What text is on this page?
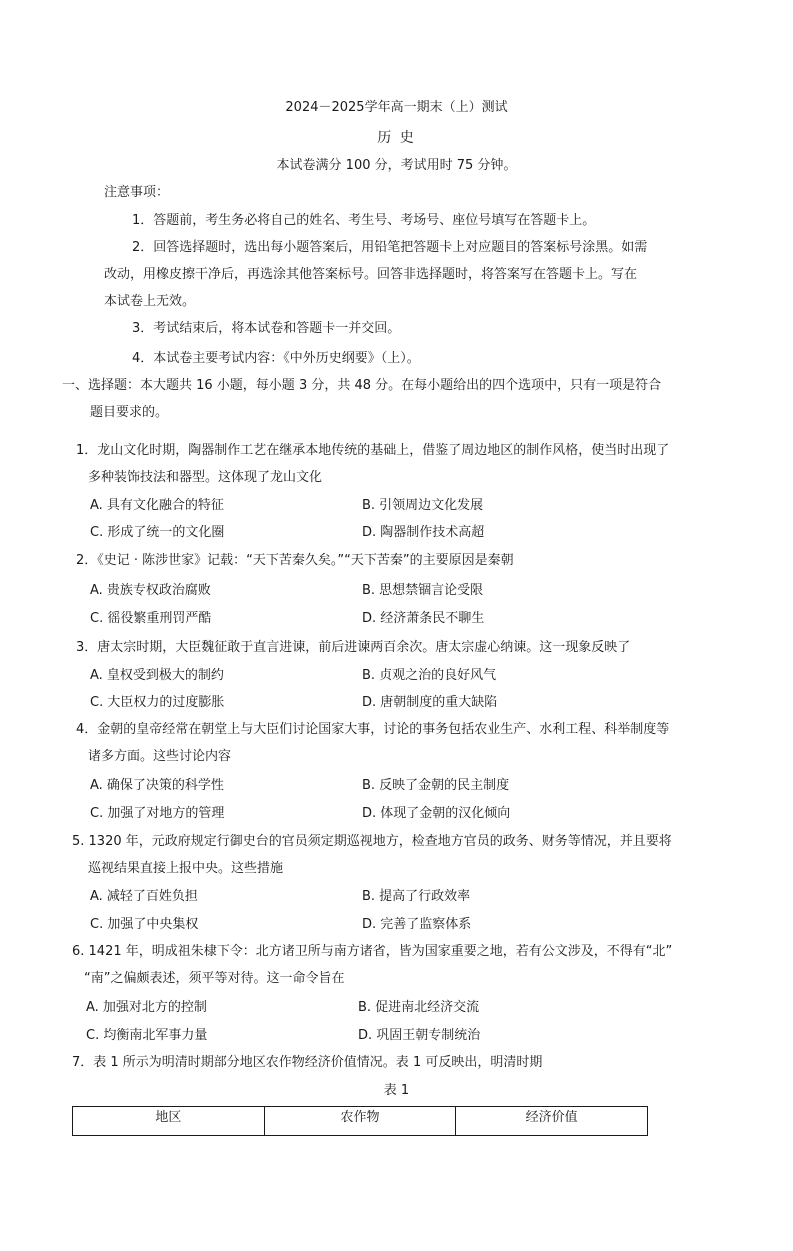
2024－2025学年高一期末（上）测试
历 史
本试卷满分 100 分，考试用时 75 分钟。
注意事项：
1．答题前，考生务必将自己的姓名、考生号、考场号、座位号填写在答题卡上。
2．回答选择题时，选出每小题答案后，用铅笔把答题卡上对应题目的答案标号涂黑。如需
改动，用橡皮擦干净后，再选涂其他答案标号。回答非选择题时，将答案写在答题卡上。写在
本试卷上无效。
3．考试结束后，将本试卷和答题卡一并交回。
4．本试卷主要考试内容：《中外历史纲要》（上）。
一、选择题：本大题共 16 小题，每小题 3 分，共 48 分。在每小题给出的四个选项中，只有一项是符合
题目要求的。
1．龙山文化时期，陶器制作工艺在继承本地传统的基础上，借鉴了周边地区的制作风格，使当时出现了
多种装饰技法和器型。这体现了龙山文化
A. 具有文化融合的特征	B. 引领周边文化发展
C. 形成了统一的文化圈	D. 陶器制作技术高超
2．《史记 · 陈涉世家》记载：“天下苦秦久矣。”“天下苦秦”的主要原因是秦朝
A. 贵族专权政治腐败	B. 思想禁锢言论受限
C. 徭役繁重刑罚严酷	D. 经济萧条民不聊生
3．唐太宗时期，大臣魏征敢于直言进谏，前后进谏两百余次。唐太宗虚心纳谏。这一现象反映了
A. 皇权受到极大的制约	B. 贞观之治的良好风气
C. 大臣权力的过度膨胀	D. 唐朝制度的重大缺陷
4．金朝的皇帝经常在朝堂上与大臣们讨论国家大事，讨论的事务包括农业生产、水利工程、科举制度等
诸多方面。这些讨论内容
A. 确保了决策的科学性	B. 反映了金朝的民主制度
C. 加强了对地方的管理	D. 体现了金朝的汉化倾向
5. 1320 年，元政府规定行御史台的官员须定期巡视地方，检查地方官员的政务、财务等情况，并且要将
巡视结果直接上报中央。这些措施
A. 减轻了百姓负担	B. 提高了行政效率
C. 加强了中央集权	D. 完善了监察体系
6. 1421 年，明成祖朱棣下令：北方诸卫所与南方诸省，皆为国家重要之地，若有公文涉及，不得有“北”
“南”之偏颇表述，须平等对待。这一命令旨在
A. 加强对北方的控制	B. 促进南北经济交流
C. 均衡南北军事力量	D. 巩固王朝专制统治
7．表 1 所示为明清时期部分地区农作物经济价值情况。表 1 可反映出，明清时期
表 1
地区	农作物	经济价值
